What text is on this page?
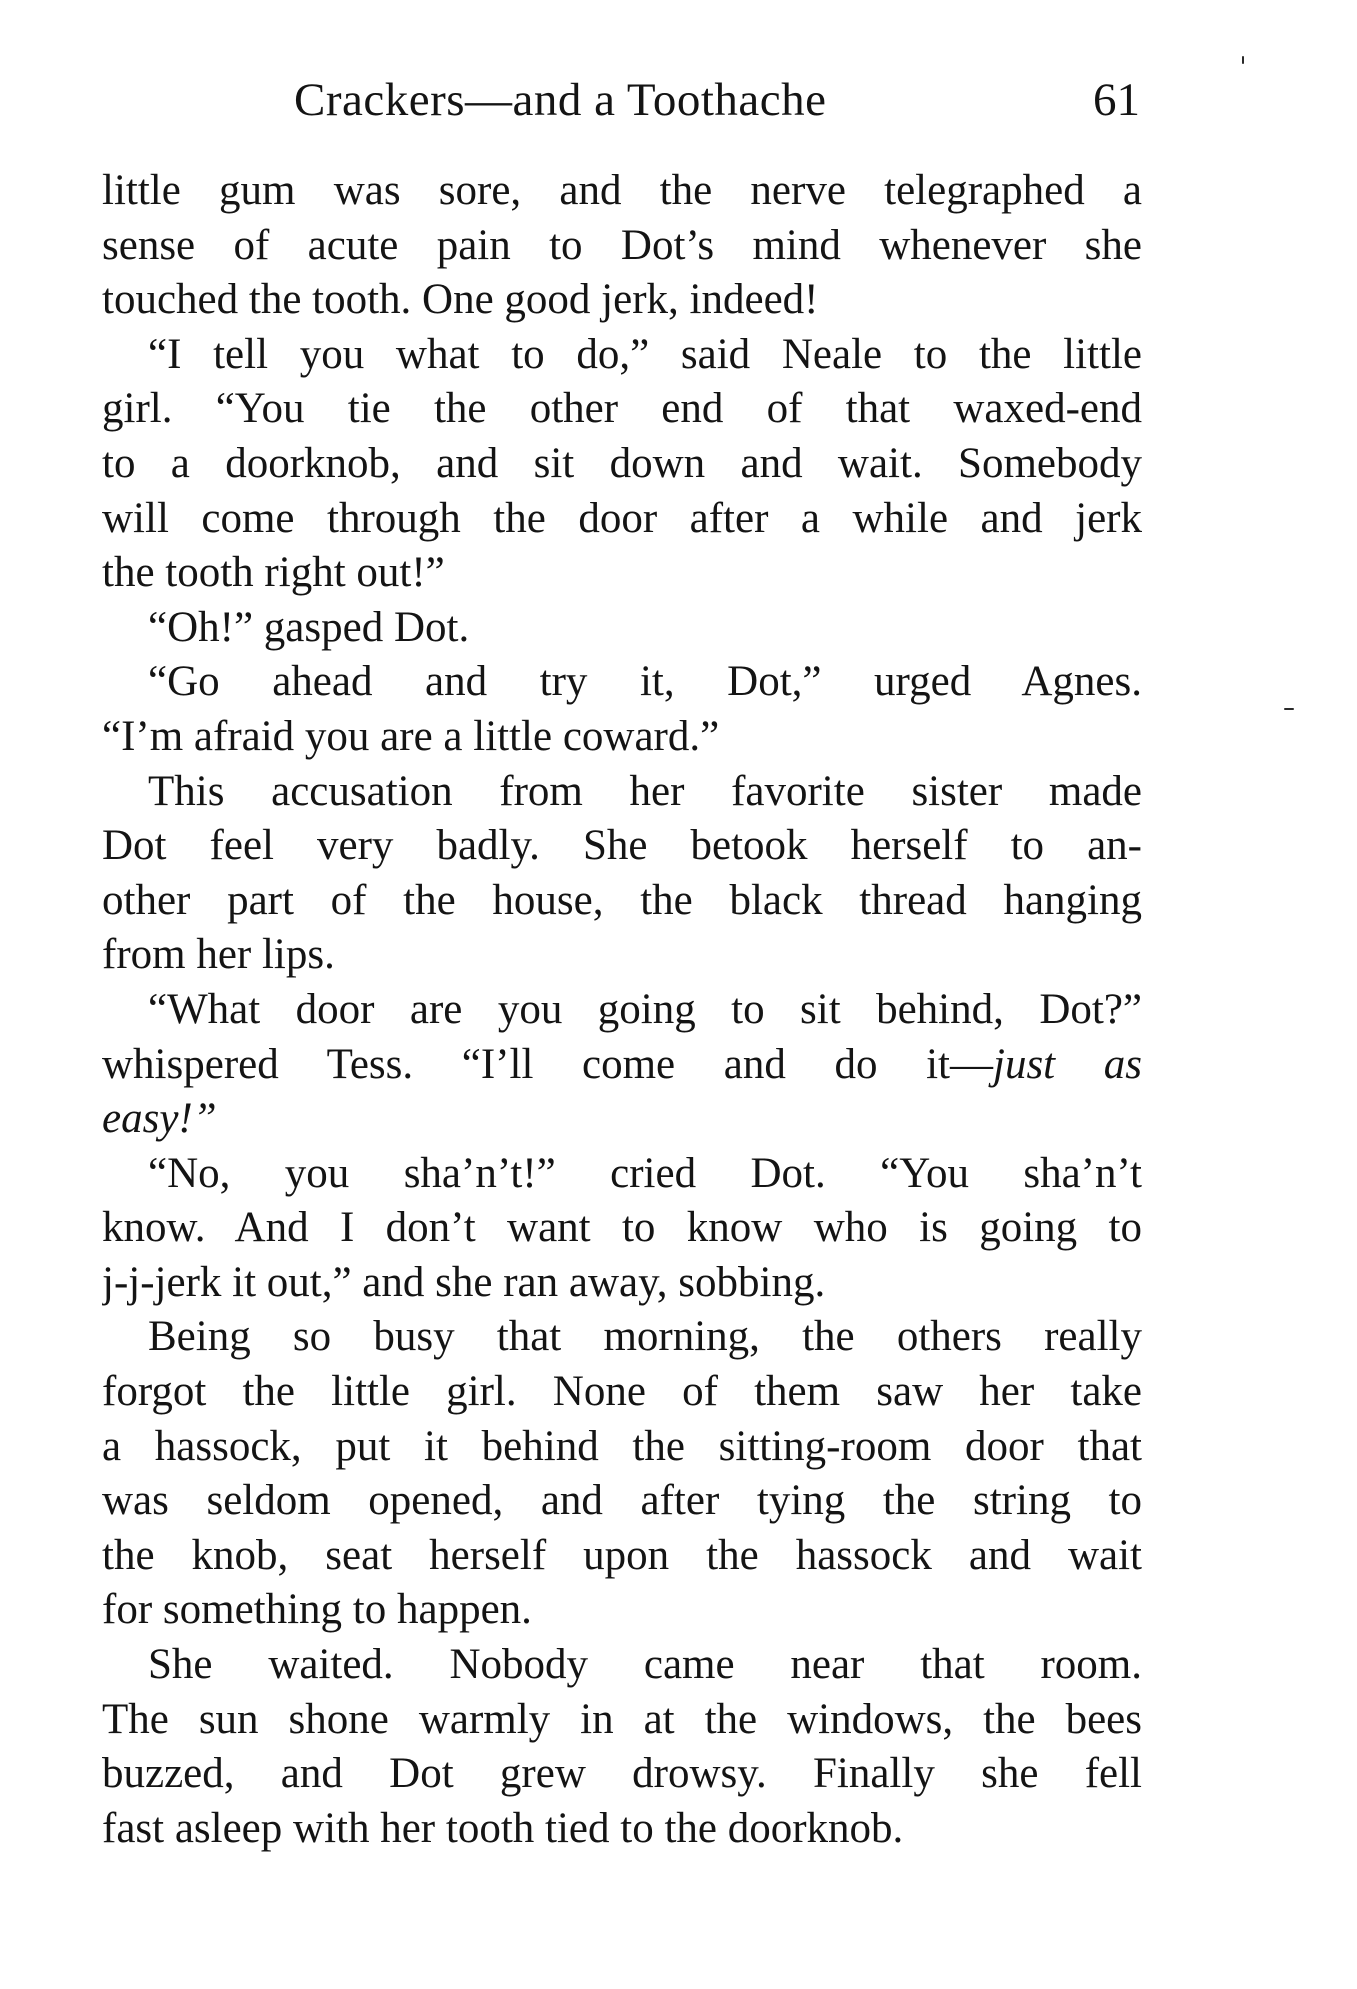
Crackers—and a Toothache	61
little gum was sore, and the nerve telegraphed a
sense of acute pain to Dot’s mind whenever she
touched the tooth. One good jerk, indeed!
“I tell you what to do,” said Neale to the little
girl. “You tie the other end of that waxed-end
to a doorknob, and sit down and wait. Somebody
will come through the door after a while and jerk
the tooth right out!”
“Oh!” gasped Dot.
“Go ahead and try it, Dot,” urged Agnes.
“I’m afraid you are a little coward.”
This accusation from her favorite sister made
Dot feel very badly. She betook herself to an-
other part of the house, the black thread hanging
from her lips.
“What door are you going to sit behind, Dot?”
whispered Tess. “I’ll come and do it—just as
easy!”
“No, you sha’n’t!” cried Dot. “You sha’n’t
know. And I don’t want to know who is going to
j-j-jerk it out,” and she ran away, sobbing.
Being so busy that morning, the others really
forgot the little girl. None of them saw her take
a hassock, put it behind the sitting-room door that
was seldom opened, and after tying the string to
the knob, seat herself upon the hassock and wait
for something to happen.
She waited. Nobody came near that room.
The sun shone warmly in at the windows, the bees
buzzed, and Dot grew drowsy. Finally she fell
fast asleep with her tooth tied to the doorknob.
